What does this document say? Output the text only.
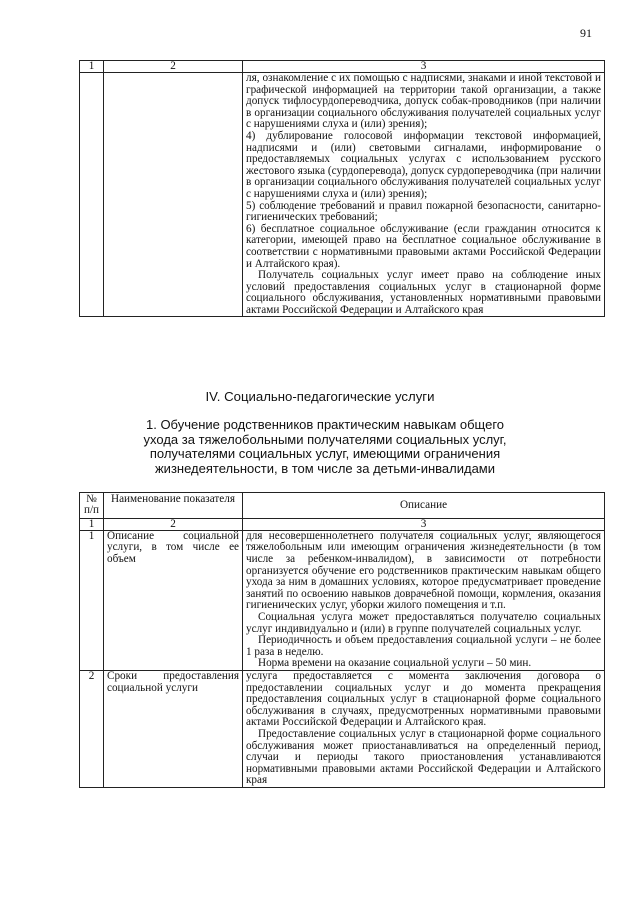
91
1	2	3

		ля, ознакомление с их помощью с надписями, знаками и иной текстовой и графической информацией на территории такой организации, а также допуск тифлосурдопереводчика, допуск собак-проводников (при наличии в организации социального обслуживания получателей социальных услуг с нарушениями слуха и (или) зрения);
4) дублирование голосовой информации текстовой информацией, надписями и (или) световыми сигналами, информирование о предоставляемых социальных услугах с использованием русского жестового языка (сурдоперевода), допуск сурдопереводчика (при наличии в организации социального обслуживания получателей социальных услуг с нарушениями слуха и (или) зрения);
5) соблюдение требований и правил пожарной безопасности, санитарно-гигиенических требований;
6) бесплатное социальное обслуживание (если гражданин относится к категории, имеющей право на бесплатное социальное обслуживание в соответствии с нормативными правовыми актами Российской Федерации и Алтайского края).
Получатель социальных услуг имеет право на соблюдение иных условий предоставления социальных услуг в стационарной форме социального обслуживания, установленных нормативными правовыми актами Российской Федерации и Алтайского края
IV. Социально-педагогические услуги
1. Обучение родственников практическим навыкам общего ухода за тяжелобольными получателями социальных услуг, получателями социальных услуг, имеющими ограничения жизнедеятельности, в том числе за детьми-инвалидами
№ п/п	Наименование показателя	Описание
1	2	3
1	Описание социальной услуги, в том числе ее объем	для несовершеннолетнего получателя социальных услуг, являющегося тяжелобольным или имеющим ограничения жизнедеятельности (в том числе за ребенком-инвалидом), в зависимости от потребности организуется обучение его родственников практическим навыкам общего ухода за ним в домашних условиях, которое предусматривает проведение занятий по освоению навыков доврачебной помощи, кормления, оказания гигиенических услуг, уборки жилого помещения и т.п.
Социальная услуга может предоставляться получателю социальных услуг индивидуально и (или) в группе получателей социальных услуг.
Периодичность и объем предоставления социальной услуги – не более 1 раза в неделю.
Норма времени на оказание социальной услуги – 50 мин.

2	Сроки предоставления социальной услуги	услуга предоставляется с момента заключения договора о предоставлении социальных услуг и до момента прекращения предоставления социальных услуг в стационарной форме социального обслуживания в случаях, предусмотренных нормативными правовыми актами Российской Федерации и Алтайского края.
Предоставление социальных услуг в стационарной форме социального обслуживания может приостанавливаться на определенный период, случаи и периоды такого приостановления устанавливаются нормативными правовыми актами Российской Федерации и Алтайского края
